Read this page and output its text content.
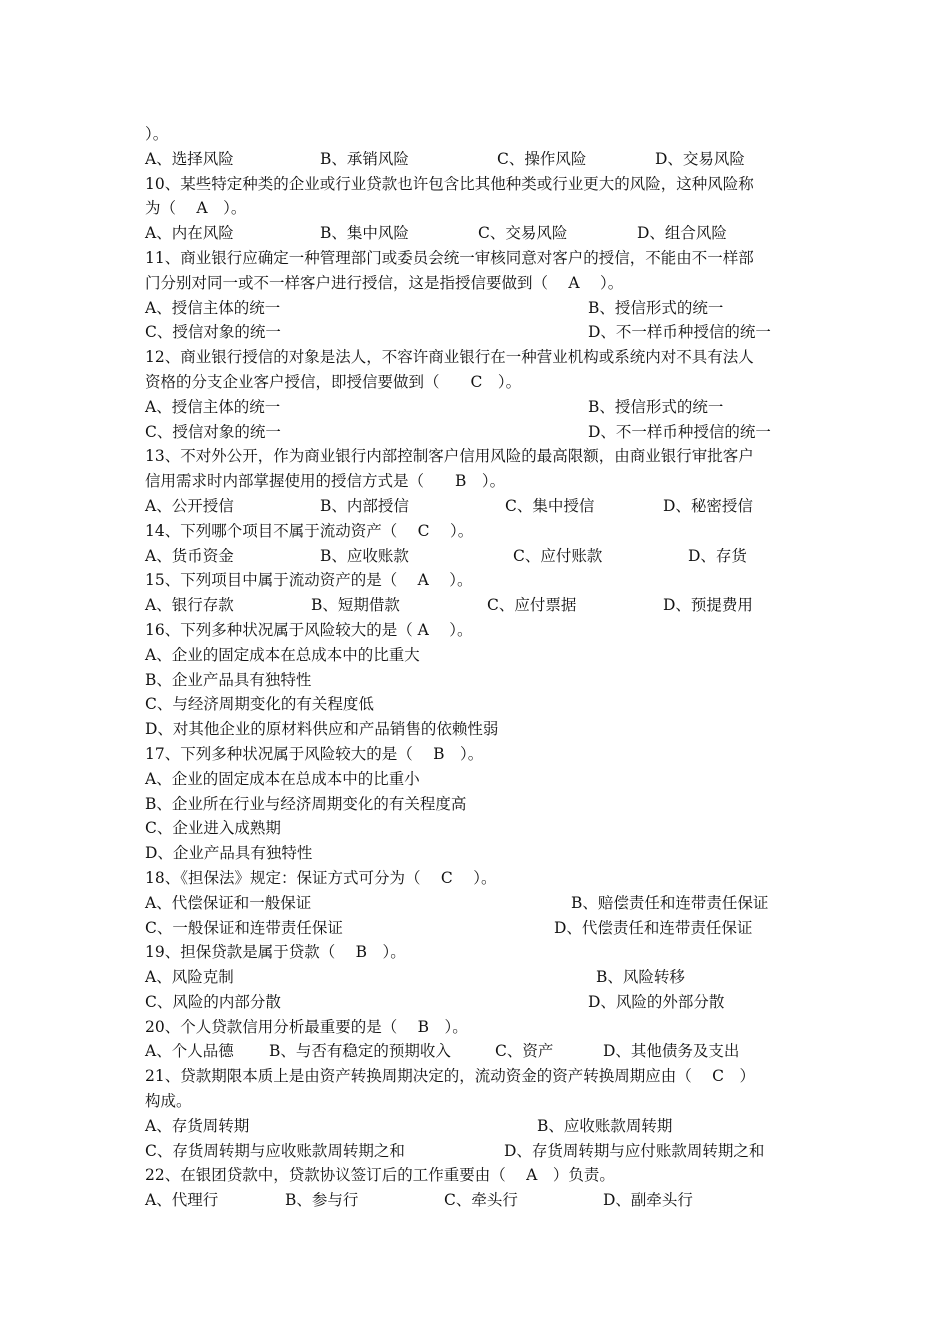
）。

A、选择风险

	B、承销风险

	C、操作风险

	D、交易风险

10、某些特定种类的企业或行业贷款也许包含比其他种类或行业更大的风险，这种风险称
为（　 A　）。

A、内在风险

	B、集中风险

	C、交易风险

	D、组合风险

11、商业银行应确定一种管理部门或委员会统一审核同意对客户的授信，不能由不一样部
门分别对同一或不一样客户进行授信，这是指授信要做到（　 A　 ）。

A、授信主体的统一

	B、授信形式的统一

C、授信对象的统一

	D、不一样币种授信的统一

12、商业银行授信的对象是法人，不容许商业银行在一种营业机构或系统内对不具有法人
资格的分支企业客户授信，即授信要做到（　　C　）。

A、授信主体的统一

	B、授信形式的统一

C、授信对象的统一

	D、不一样币种授信的统一

13、不对外公开，作为商业银行内部控制客户信用风险的最高限额，由商业银行审批客户
信用需求时内部掌握使用的授信方式是（　　B　）。

A、公开授信

	B、内部授信

	C、集中授信

	D、秘密授信

14、下列哪个项目不属于流动资产（　 C　 ）。

A、货币资金

	B、应收账款

	C、应付账款

	D、存货

15、下列项目中属于流动资产的是（　 A　 ）。

A、银行存款

	B、短期借款

	C、应付票据

	D、预提费用

16、下列多种状况属于风险较大的是（ A　 ）。
A、企业的固定成本在总成本中的比重大
B、企业产品具有独特性
C、与经济周期变化的有关程度低
D、对其他企业的原材料供应和产品销售的依赖性弱
17、下列多种状况属于风险较大的是（　 B　）。
A、企业的固定成本在总成本中的比重小
B、企业所在行业与经济周期变化的有关程度高
C、企业进入成熟期
D、企业产品具有独特性
18、《担保法》规定：保证方式可分为（　 C　 ）。

A、代偿保证和一般保证

	B、赔偿责任和连带责任保证

C、一般保证和连带责任保证

	D、代偿责任和连带责任保证

19、担保贷款是属于贷款（　 B　）。

A、风险克制

	B、风险转移

C、风险的内部分散

	D、风险的外部分散

20、个人贷款信用分析最重要的是（　 B　）。

A、个人品德

B、与否有稳定的预期收入

	C、资产

	D、其他债务及支出

21、贷款期限本质上是由资产转换周期决定的，流动资金的资产转换周期应由（　 C　）
构成。

A、存货周转期

	B、应收账款周转期

C、存货周转期与应收账款周转期之和

	D、存货周转期与应付账款周转期之和

22、在银团贷款中，贷款协议签订后的工作重要由（　 A　）负责。

A、代理行

	B、参与行

	C、牵头行

	D、副牵头行
